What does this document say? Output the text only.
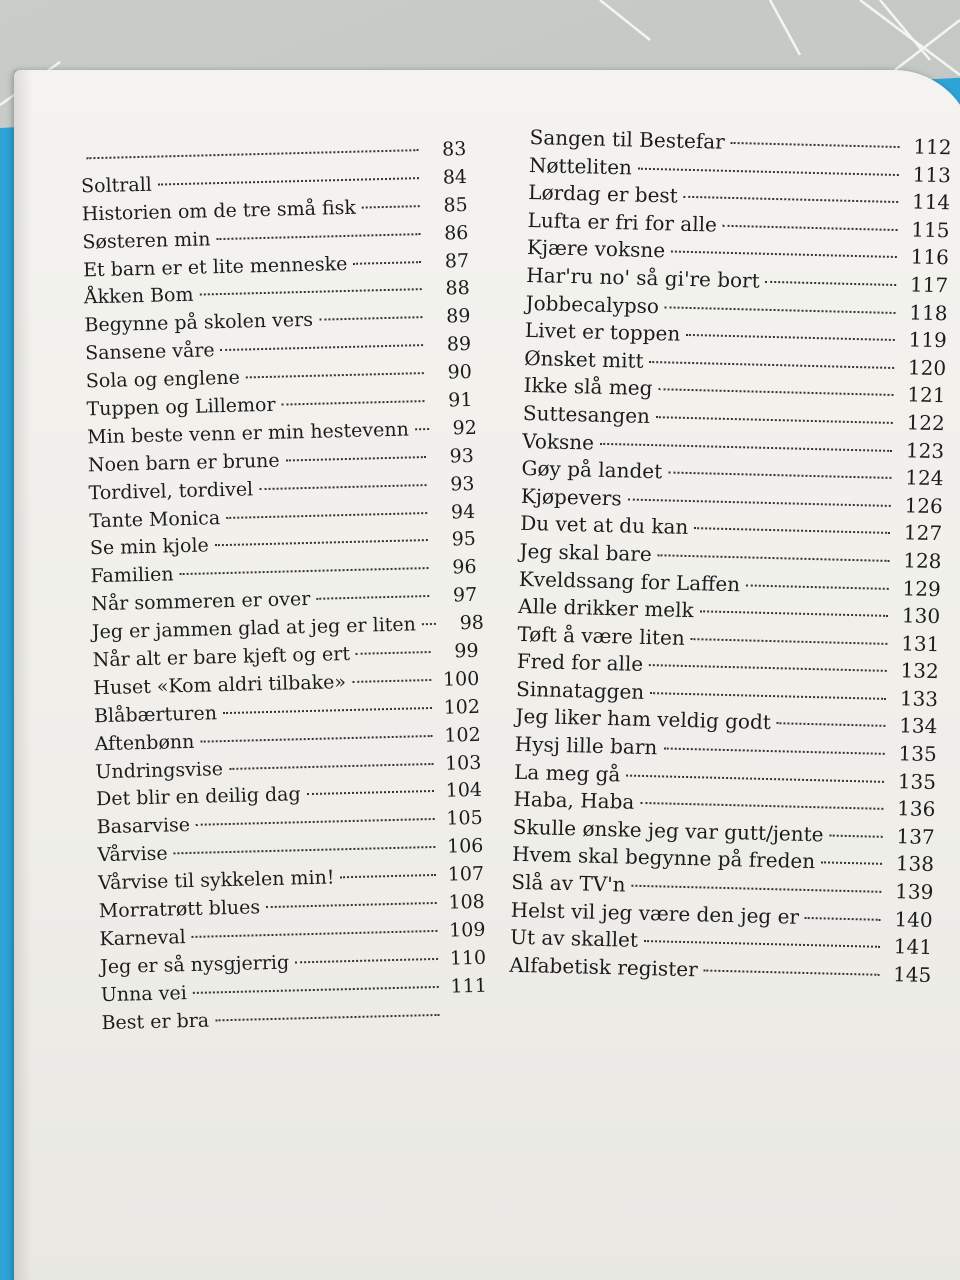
83
Soltrall	84
Historien om de tre små fisk	85
Søsteren min	86
Et barn er et lite menneske	87
Åkken Bom	88
Begynne på skolen vers	89
Sansene våre	89
Sola og englene	90
Tuppen og Lillemor	91
Min beste venn er min hestevenn	92
Noen barn er brune	93
Tordivel, tordivel	93
Tante Monica	94
Se min kjole	95
Familien	96
Når sommeren er over	97
Jeg er jammen glad at jeg er liten	98
Når alt er bare kjeft og ert	99
Huset «Kom aldri tilbake»	100
Blåbærturen	102
Aftenbønn	102
Undringsvise	103
Det blir en deilig dag	104
Basarvise	105
Vårvise	106
Vårvise til sykkelen min!	107
Morratrøtt blues	108
Karneval	109
Jeg er så nysgjerrig	110
Unna vei	111
Best er bra
Sangen til Bestefar	112
Nøtteliten	113
Lørdag er best	114
Lufta er fri for alle	115
Kjære voksne	116
Har'ru no' så gi're bort	117
Jobbecalypso	118
Livet er toppen	119
Ønsket mitt	120
Ikke slå meg	121
Suttesangen	122
Voksne	123
Gøy på landet	124
Kjøpevers	126
Du vet at du kan	127
Jeg skal bare	128
Kveldssang for Laffen	129
Alle drikker melk	130
Tøft å være liten	131
Fred for alle	132
Sinnataggen	133
Jeg liker ham veldig godt	134
Hysj lille barn	135
La meg gå	135
Haba, Haba	136
Skulle ønske jeg var gutt/jente	137
Hvem skal begynne på freden	138
Slå av TV'n	139
Helst vil jeg være den jeg er	140
Ut av skallet	141
Alfabetisk register	145
